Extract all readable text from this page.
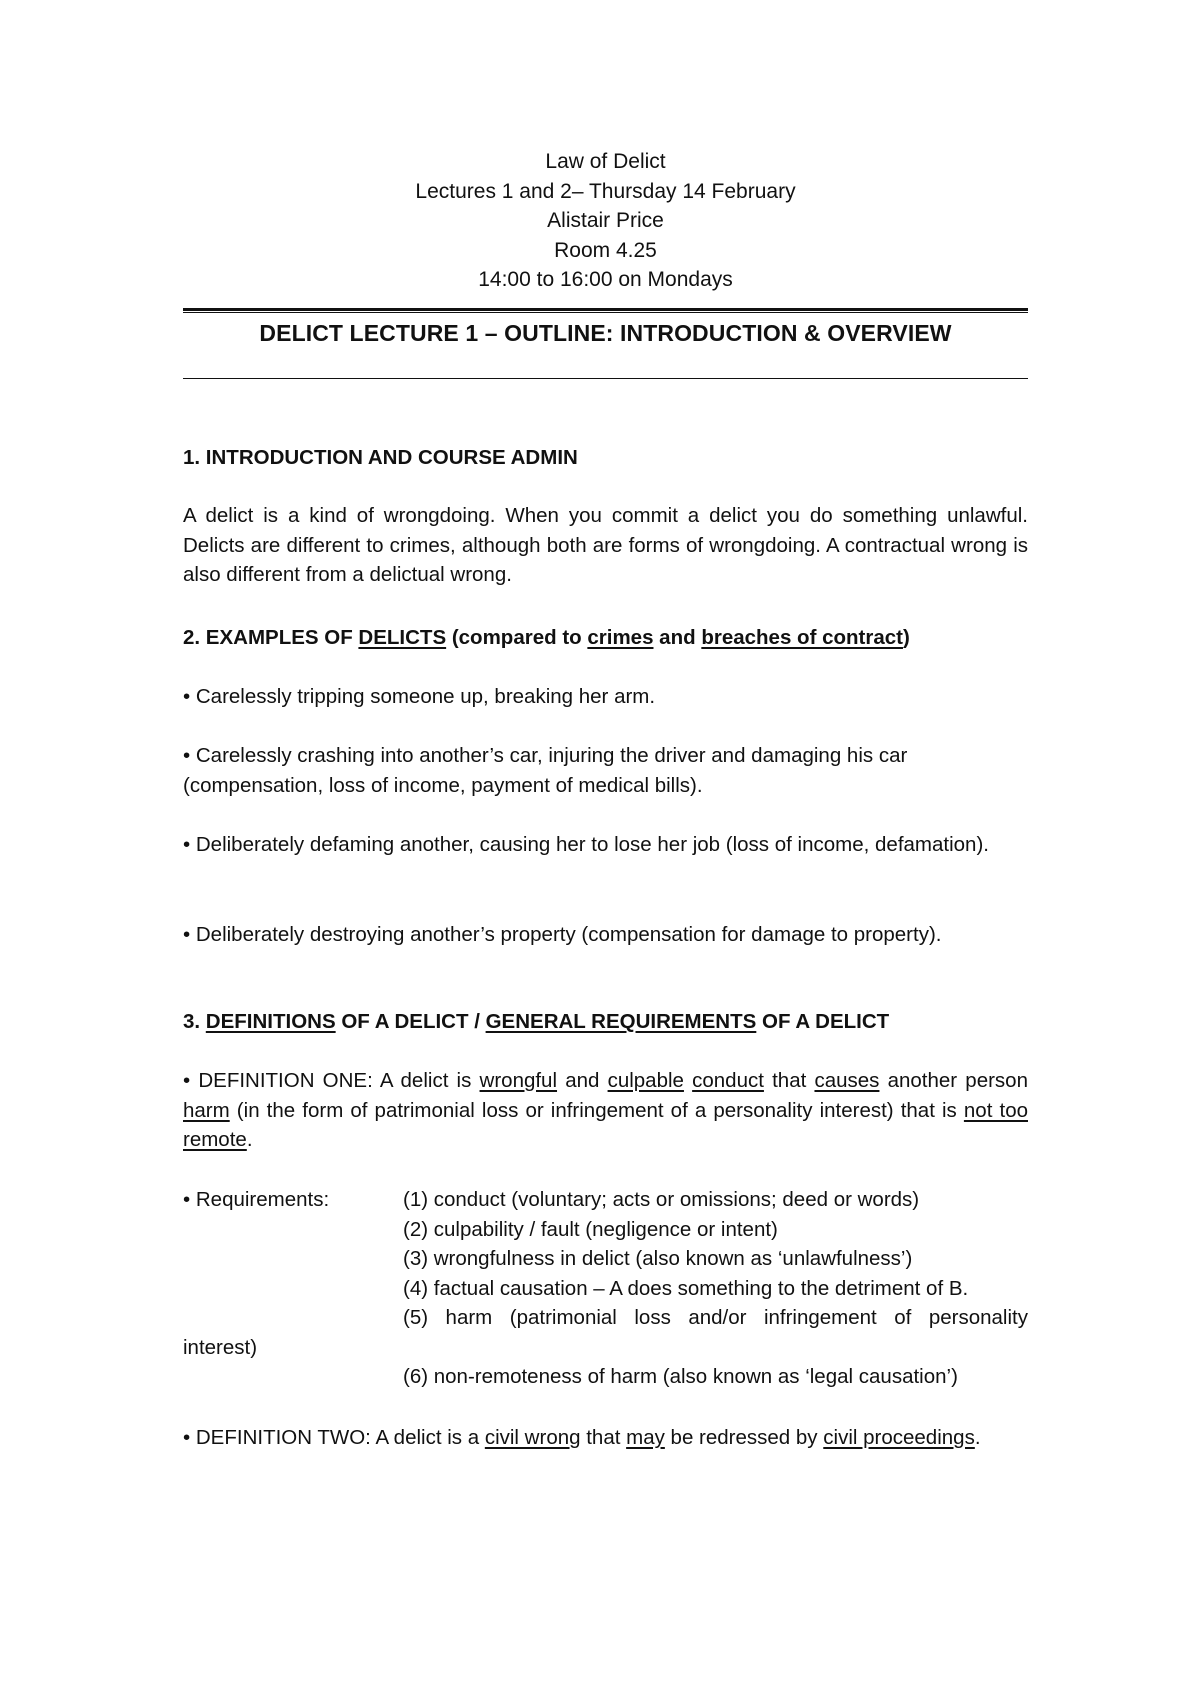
Law of Delict
Lectures 1 and 2– Thursday 14 February
Alistair Price
Room 4.25
14:00 to 16:00 on Mondays
DELICT LECTURE 1 – OUTLINE: INTRODUCTION & OVERVIEW
1. INTRODUCTION AND COURSE ADMIN
A delict is a kind of wrongdoing. When you commit a delict you do something unlawful. Delicts are different to crimes, although both are forms of wrongdoing. A contractual wrong is also different from a delictual wrong.
2. EXAMPLES OF DELICTS (compared to crimes and breaches of contract)
• Carelessly tripping someone up, breaking her arm.
• Carelessly crashing into another’s car, injuring the driver and damaging his car (compensation, loss of income, payment of medical bills).
• Deliberately defaming another, causing her to lose her job (loss of income, defamation).
• Deliberately destroying another’s property (compensation for damage to property).
3. DEFINITIONS OF A DELICT / GENERAL REQUIREMENTS OF A DELICT
• DEFINITION ONE: A delict is wrongful and culpable conduct that causes another person harm (in the form of patrimonial loss or infringement of a personality interest) that is not too remote.
• Requirements:	(1) conduct (voluntary; acts or omissions; deed or words)
(2) culpability / fault (negligence or intent)
(3) wrongfulness in delict (also known as ‘unlawfulness’)
(4) factual causation – A does something to the detriment of B.
(5) harm (patrimonial loss and/or infringement of personality
interest)
(6) non-remoteness of harm (also known as ‘legal causation’)
• DEFINITION TWO: A delict is a civil wrong that may be redressed by civil proceedings.
